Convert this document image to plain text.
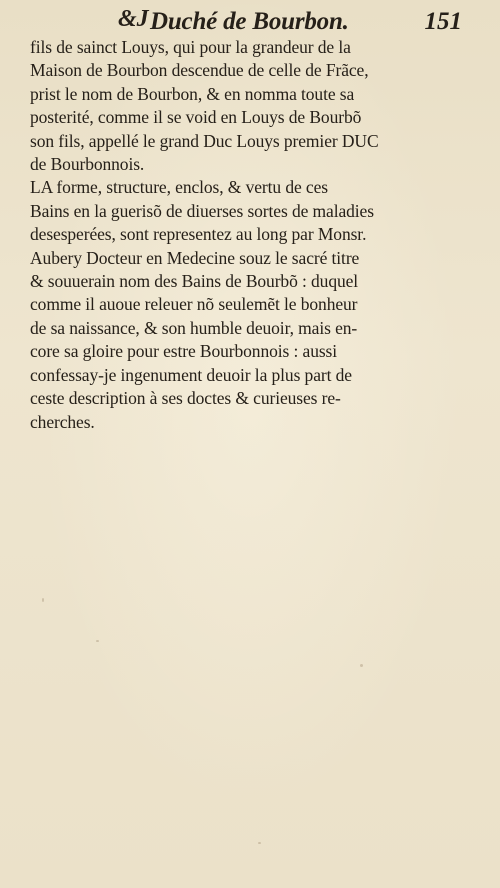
&J Duché de Bourbon.	151
fils de sainct Louys, qui pour la grandeur de la
Maison de Bourbon descendue de celle de Frãce,
prist le nom de Bourbon, & en nomma toute sa
posterité, comme il se void en Louys de Bourbõ
son fils, appellé le grand Duc Louys premier DUC
de Bourbonnois.
LA forme, structure, enclos, & vertu de ces
Bains en la guerisõ de diuerses sortes de maladies
desesperées, sont representez au long par Monsr.
Aubery Docteur en Medecine souz le sacré titre
& souuerain nom des Bains de Bourbõ : duquel
comme il auoue releuer nõ seulemẽt le bonheur
de sa naissance, & son humble deuoir, mais en-
core sa gloire pour estre Bourbonnois : aussi
confessay-je ingenument deuoir la plus part de
ceste description à ses doctes & curieuses re-
cherches.
